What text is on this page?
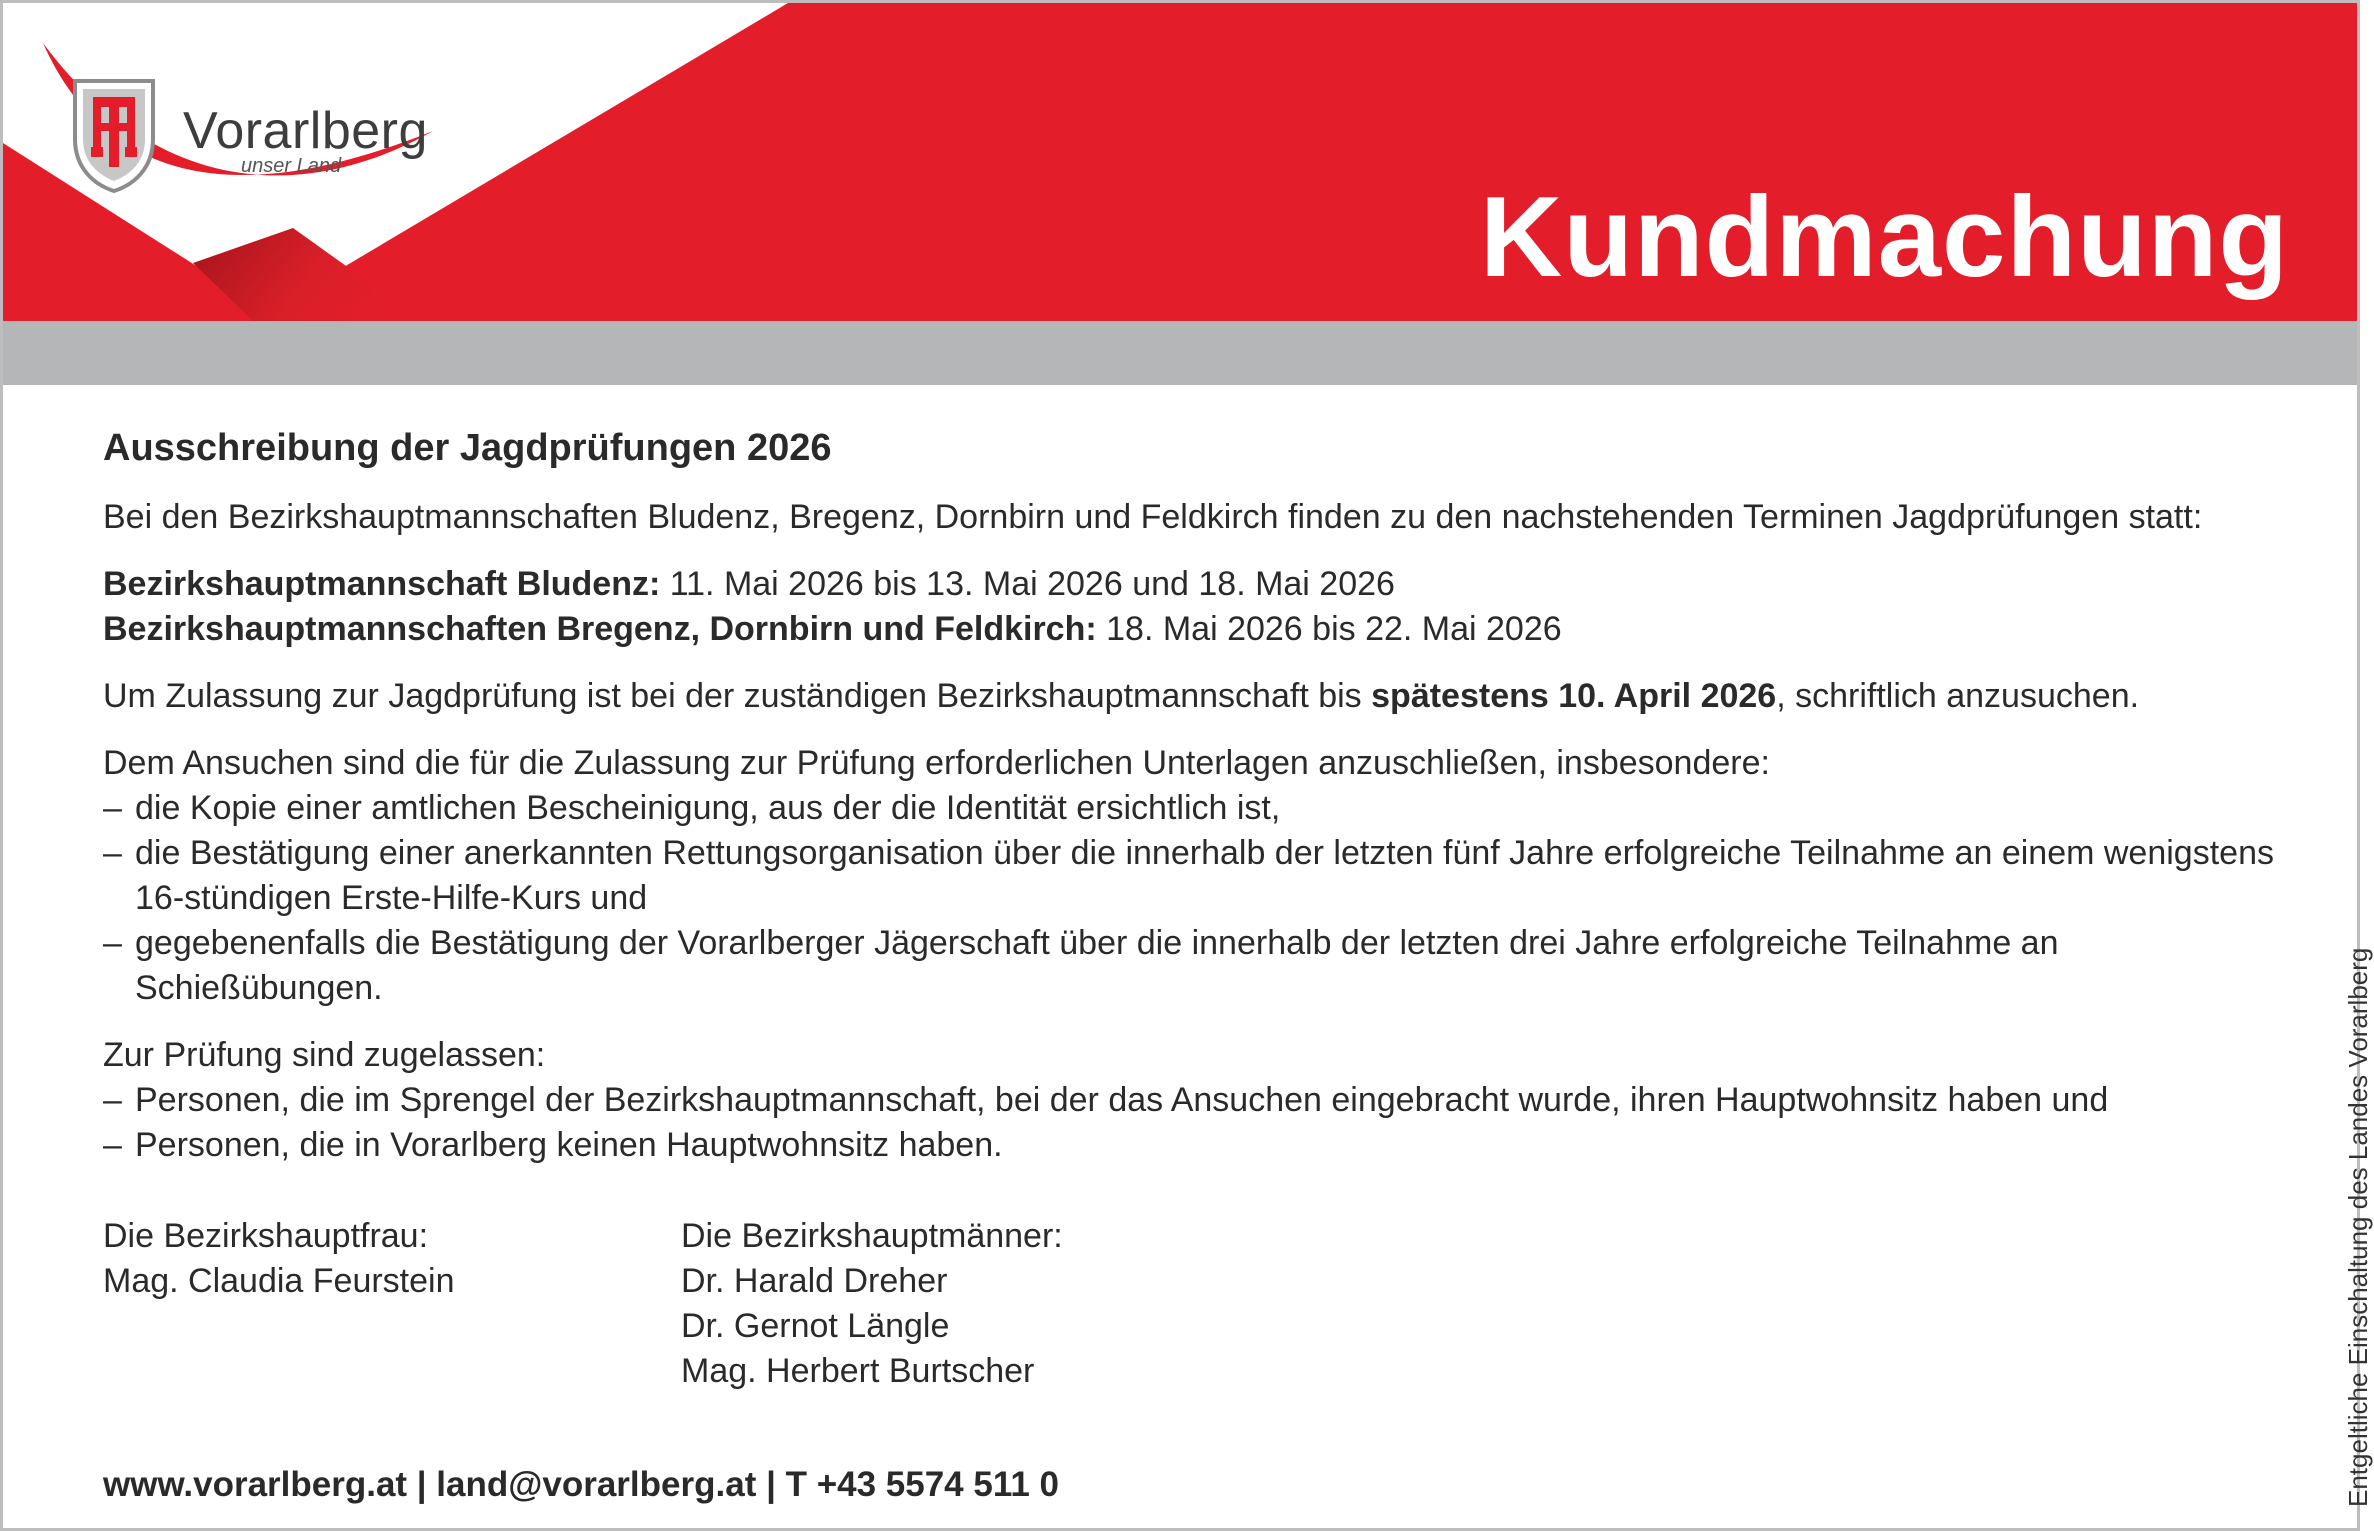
Vorarlberg
unser Land
Kundmachung
Ausschreibung der Jagdprüfungen 2026
Bei den Bezirkshauptmannschaften Bludenz, Bregenz, Dornbirn und Feldkirch finden zu den nachstehenden Terminen Jagdprüfungen statt:
Bezirkshauptmannschaft Bludenz: 11. Mai 2026 bis 13. Mai 2026 und 18. Mai 2026
Bezirkshauptmannschaften Bregenz, Dornbirn und Feldkirch: 18. Mai 2026 bis 22. Mai 2026
Um Zulassung zur Jagdprüfung ist bei der zuständigen Bezirkshauptmannschaft bis spätestens 10. April 2026, schriftlich anzusuchen.
Dem Ansuchen sind die für die Zulassung zur Prüfung erforderlichen Unterlagen anzuschließen, insbesondere:
– die Kopie einer amtlichen Bescheinigung, aus der die Identität ersichtlich ist,
– die Bestätigung einer anerkannten Rettungsorganisation über die innerhalb der letzten fünf Jahre erfolgreiche Teilnahme an einem wenigstens 16-stündigen Erste-Hilfe-Kurs und
– gegebenenfalls die Bestätigung der Vorarlberger Jägerschaft über die innerhalb der letzten drei Jahre erfolgreiche Teilnahme an Schießübungen.
Zur Prüfung sind zugelassen:
– Personen, die im Sprengel der Bezirkshauptmannschaft, bei der das Ansuchen eingebracht wurde, ihren Hauptwohnsitz haben und
– Personen, die in Vorarlberg keinen Hauptwohnsitz haben.
Die Bezirkshauptfrau:
Mag. Claudia Feurstein
Die Bezirkshauptmänner:
Dr. Harald Dreher
Dr. Gernot Längle
Mag. Herbert Burtscher
www.vorarlberg.at | land@vorarlberg.at | T +43 5574 511 0	Entgeltliche Einschaltung des Landes Vorarlberg
